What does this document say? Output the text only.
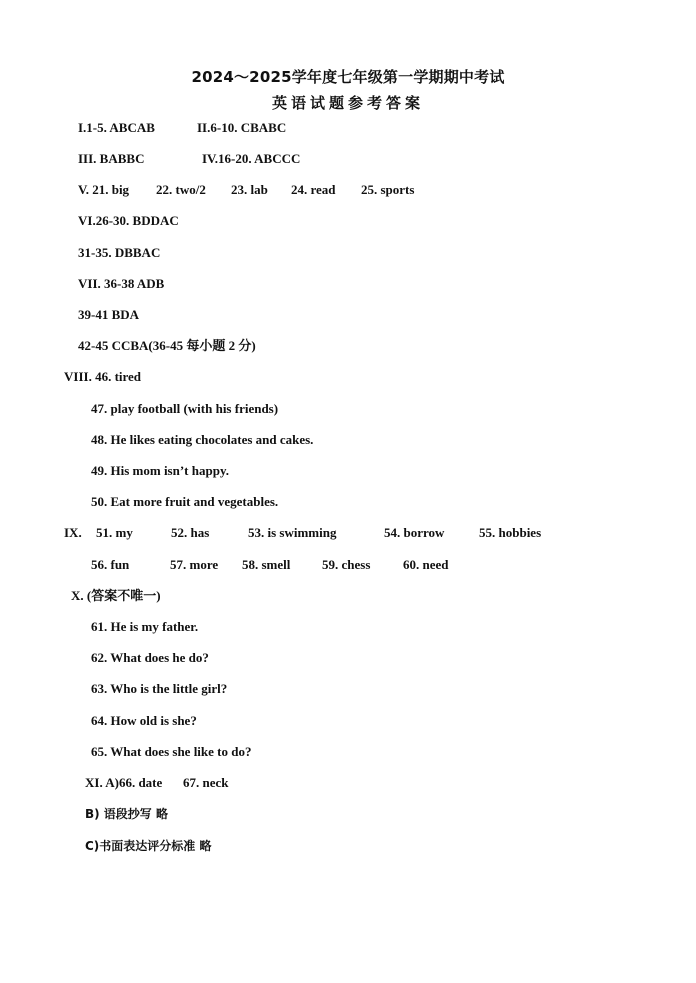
2024～2025学年度七年级第一学期期中考试
英语试题参考答案
I.1-5. ABCAB	II.6-10. CBABC
III. BABBC	IV.16-20. ABCCC
V. 21. big 22. two/2 23. lab 24. read 25. sports
VI.26-30. BDDAC
31-35. DBBAC
VII. 36-38 ADB
39-41 BDA
42-45 CCBA(36-45 每小题 2 分)
VIII. 46. tired
47. play football (with his friends)
48. He likes eating chocolates and cakes.
49. His mom isn’t happy.
50. Eat more fruit and vegetables.
IX. 51. my	52. has	53. is swimming	54. borrow	55. hobbies
56. fun	57. more 58. smell 59. chess	60. need
X. (答案不唯一)
61. He is my father.
62. What does he do?
63. Who is the little girl?
64. How old is she?
65. What does she like to do?
XI. A)66. date 67. neck
B) 语段抄写 略
C)书面表达评分标准 略
